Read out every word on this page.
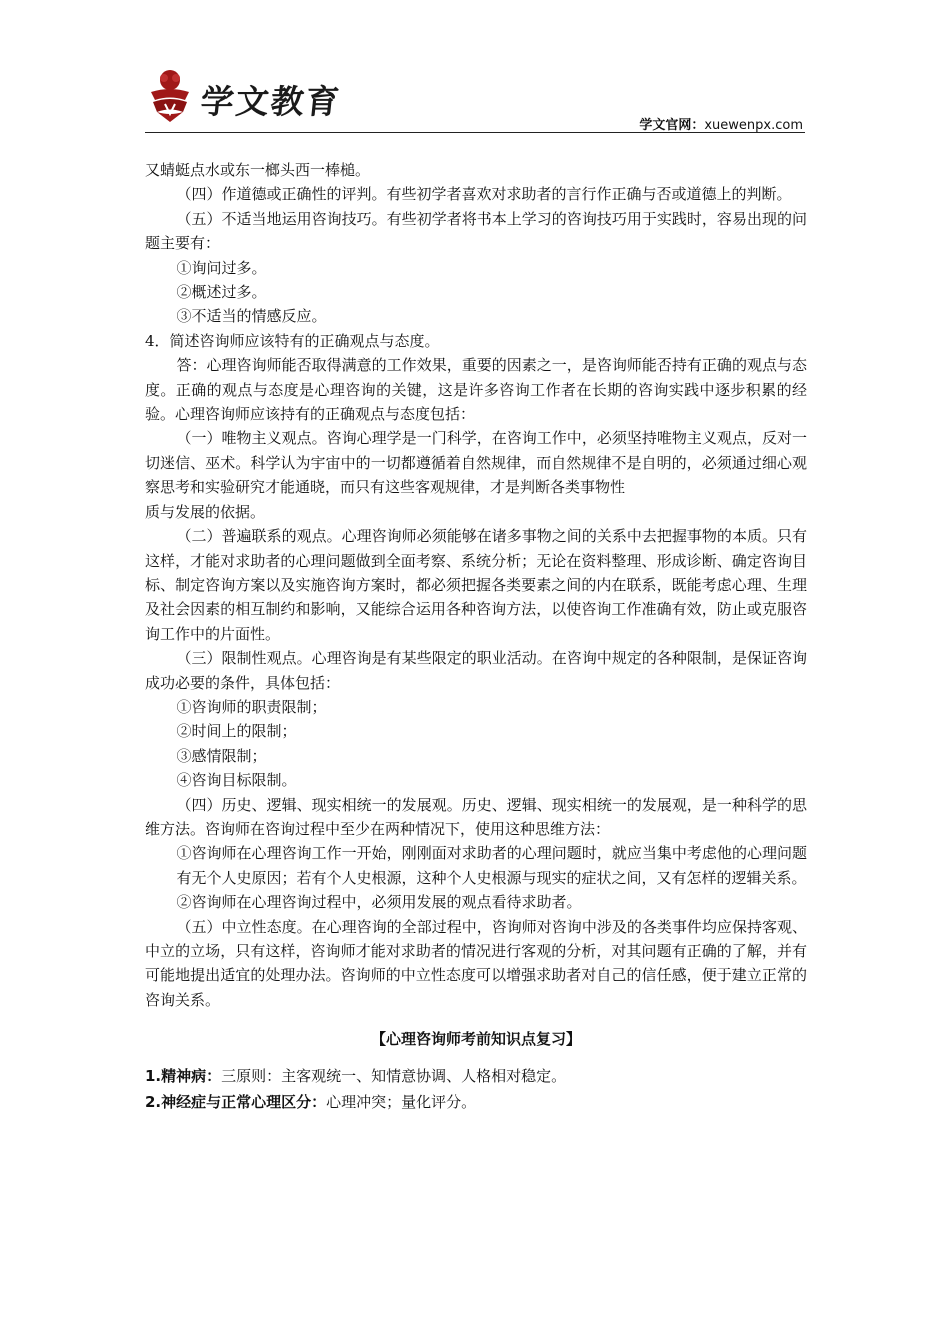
学文教育
学文官网：xuewenpx.com

又蜻蜓点水或东一榔头西一棒槌。

（四）作道德或正确性的评判。有些初学者喜欢对求助者的言行作正确与否或道德上的判断。

（五）不适当地运用咨询技巧。有些初学者将书本上学习的咨询技巧用于实践时，容易出现的问题主要有：

①询问过多。

②概述过多。

③不适当的情感反应。

4．简述咨询师应该特有的正确观点与态度。

答：心理咨询师能否取得满意的工作效果，重要的因素之一，是咨询师能否持有正确的观点与态度。正确的观点与态度是心理咨询的关键，这是许多咨询工作者在长期的咨询实践中逐步积累的经验。心理咨询师应该持有的正确观点与态度包括：

（一）唯物主义观点。咨询心理学是一门科学，在咨询工作中，必须坚持唯物主义观点，反对一切迷信、巫术。科学认为宇宙中的一切都遵循着自然规律，而自然规律不是自明的，必须通过细心观察思考和实验研究才能通晓，而只有这些客观规律，才是判断各类事物性

质与发展的依据。

（二）普遍联系的观点。心理咨询师必须能够在诸多事物之间的关系中去把握事物的本质。只有这样，才能对求助者的心理问题做到全面考察、系统分析；无论在资料整理、形成诊断、确定咨询目标、制定咨询方案以及实施咨询方案时，都必须把握各类要素之间的内在联系，既能考虑心理、生理及社会因素的相互制约和影响，又能综合运用各种咨询方法，以使咨询工作准确有效，防止或克服咨询工作中的片面性。

（三）限制性观点。心理咨询是有某些限定的职业活动。在咨询中规定的各种限制，是保证咨询成功必要的条件，具体包括：

①咨询师的职责限制；

②时间上的限制；

③感情限制；

④咨询目标限制。

（四）历史、逻辑、现实相统一的发展观。历史、逻辑、现实相统一的发展观，是一种科学的思维方法。咨询师在咨询过程中至少在两种情况下，使用这种思维方法：

①咨询师在心理咨询工作一开始，刚刚面对求助者的心理问题时，就应当集中考虑他的心理问题有无个人史原因；若有个人史根源，这种个人史根源与现实的症状之间，又有怎样的逻辑关系。

②咨询师在心理咨询过程中，必须用发展的观点看待求助者。

（五）中立性态度。在心理咨询的全部过程中，咨询师对咨询中涉及的各类事件均应保持客观、中立的立场，只有这样，咨询师才能对求助者的情况进行客观的分析，对其问题有正确的了解，并有可能地提出适宜的处理办法。咨询师的中立性态度可以增强求助者对自己的信任感，便于建立正常的咨询关系。

【心理咨询师考前知识点复习】

1.精神病：三原则：主客观统一、知情意协调、人格相对稳定。

2.神经症与正常心理区分：心理冲突；量化评分。
